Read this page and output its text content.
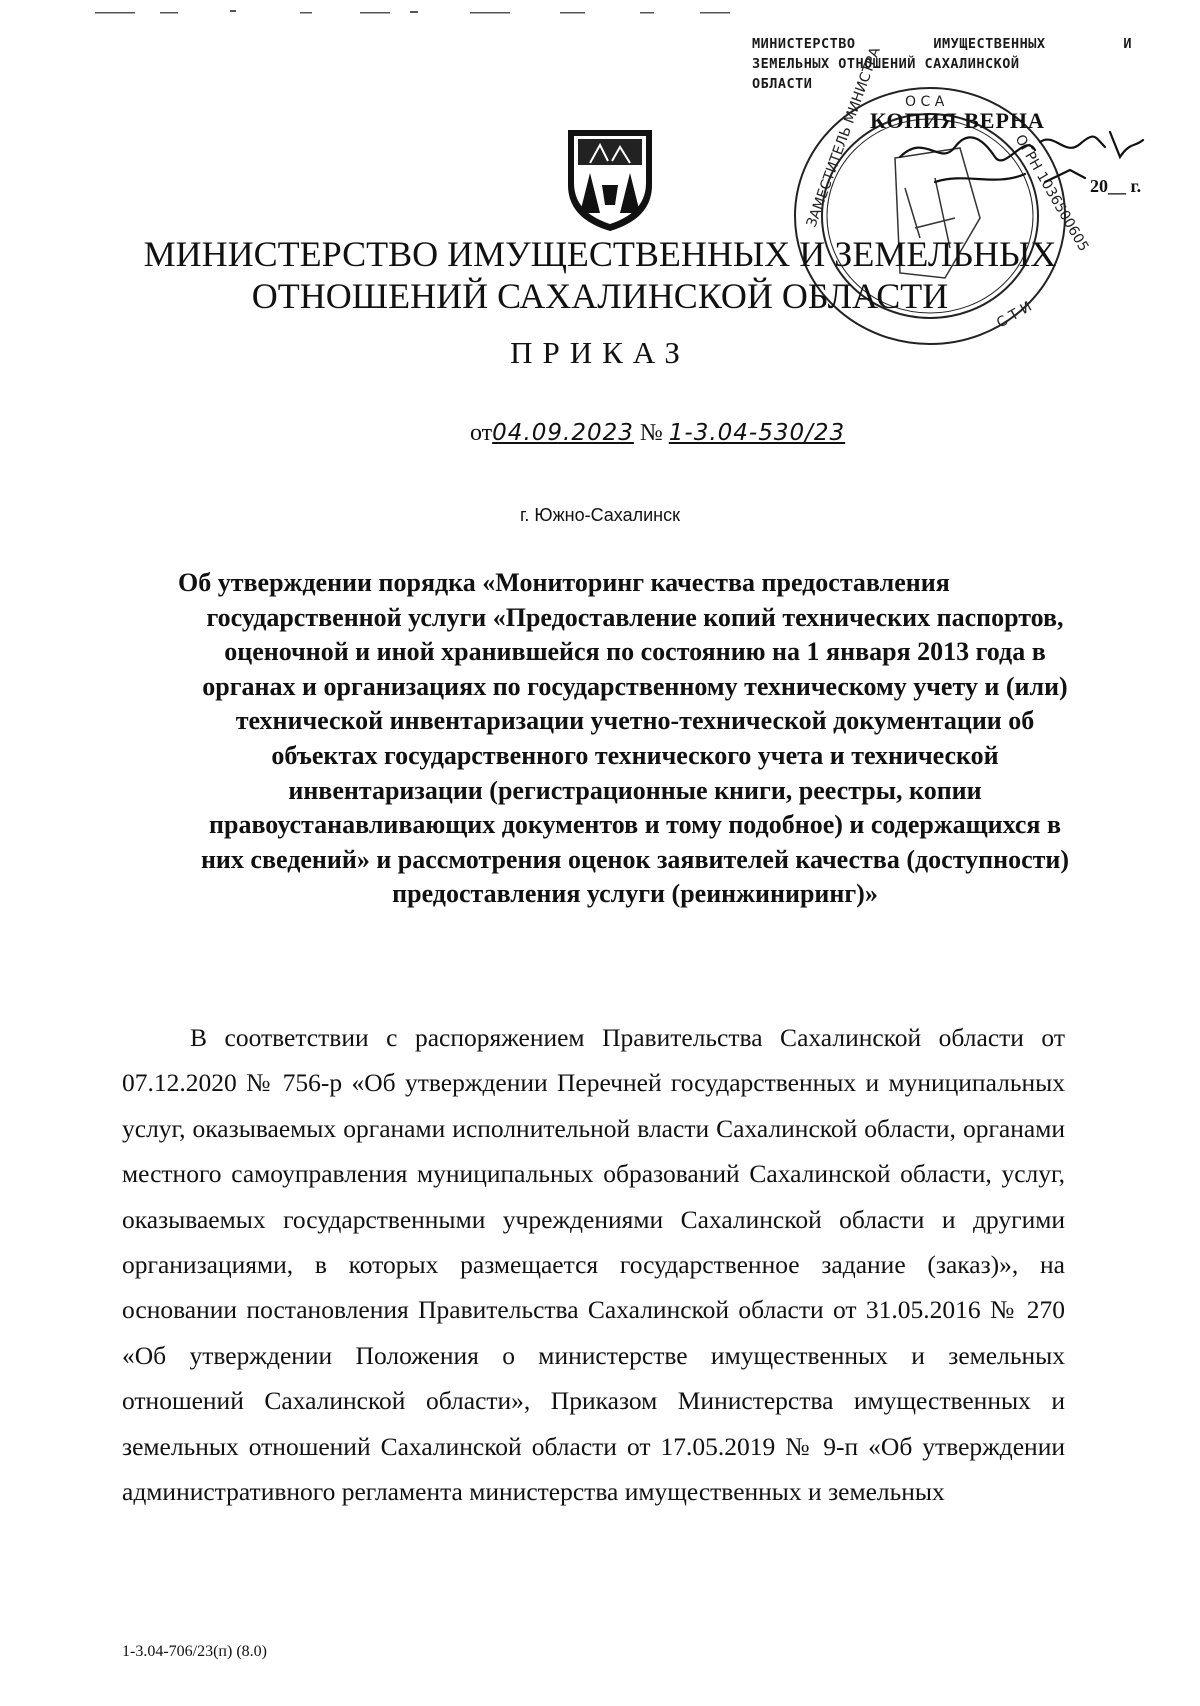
МИНИСТЕРСТВО	ИМУЩЕСТВЕННЫХ	И
ЗЕМЕЛЬНЫХ ОТНОШЕНИЙ САХАЛИНСКОЙ
ОБЛАСТИ
ЗАМЕСТИТЕЛЬ МИНИСТРА	ОГРН 1036500605
О С А
С Т И
КОПИЯ ВЕРНА
20__ г.
МИНИСТЕРСТВО ИМУЩЕСТВЕННЫХ И ЗЕМЕЛЬНЫХ
ОТНОШЕНИЙ САХАЛИНСКОЙ ОБЛАСТИ
ПРИКАЗ
от04.09.2023 № 1-3.04-530/23
г. Южно-Сахалинск
Об утверждении порядка «Мониторинг качества предоставления
государственной услуги «Предоставление копий технических паспортов, оценочной и иной хранившейся по состоянию на 1 января 2013 года в органах и организациях по государственному техническому учету и (или) технической инвентаризации учетно-технической документации об объектах государственного технического учета и технической инвентаризации (регистрационные книги, реестры, копии правоустанавливающих документов и тому подобное) и содержащихся в них сведений» и рассмотрения оценок заявителей качества (доступности) предоставления услуги (реинжиниринг)»
В соответствии с распоряжением Правительства Сахалинской области от 07.12.2020 № 756-р «Об утверждении Перечней государственных и муниципальных услуг, оказываемых органами исполнительной власти Сахалинской области, органами местного самоуправления муниципальных образований Сахалинской области, услуг, оказываемых государственными учреждениями Сахалинской области и другими организациями, в которых размещается государственное задание (заказ)», на основании постановления Правительства Сахалинской области от 31.05.2016 № 270 «Об утверждении Положения о министерстве имущественных и земельных отношений Сахалинской области», Приказом Министерства имущественных и земельных отношений Сахалинской области от 17.05.2019 № 9-п «Об утверждении административного регламента министерства имущественных и земельных
1-3.04-706/23(п) (8.0)
